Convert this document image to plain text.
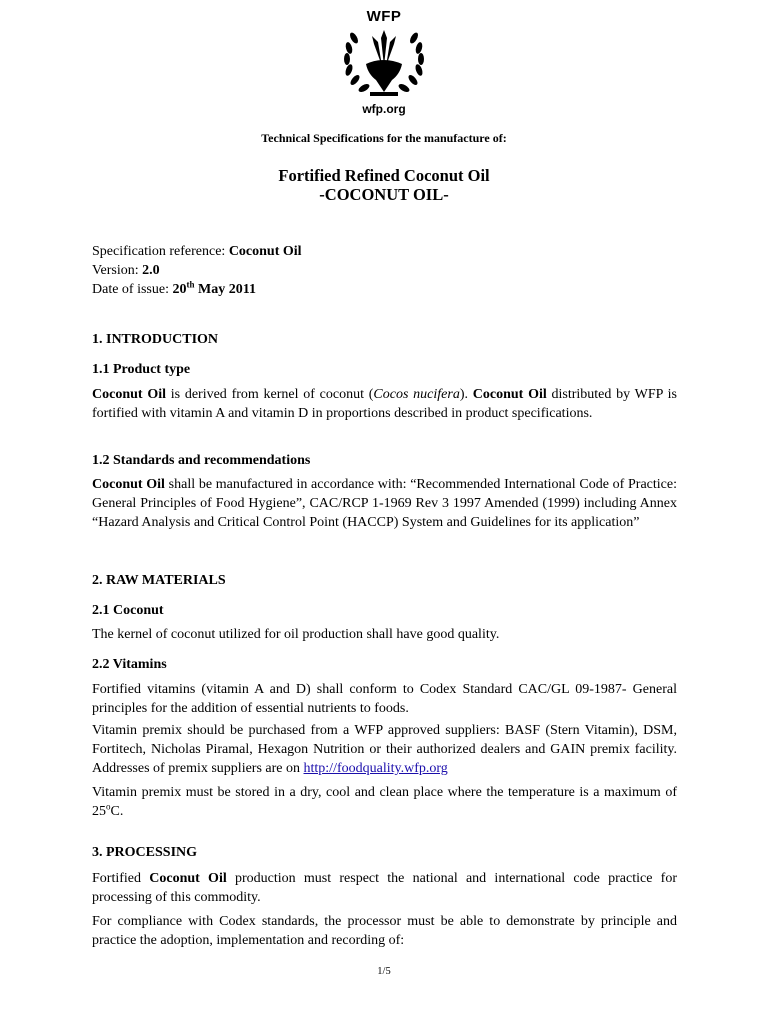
WFP
wfp.org
Technical Specifications for the manufacture of:
Fortified Refined Coconut Oil
-COCONUT OIL-
Specification reference: Coconut Oil
Version: 2.0
Date of issue: 20th May 2011
1. INTRODUCTION
1.1 Product type
Coconut Oil is derived from kernel of coconut (Cocos nucifera). Coconut Oil distributed by WFP is fortified with vitamin A and vitamin D in proportions described in product specifications.
1.2 Standards and recommendations
Coconut Oil shall be manufactured in accordance with: “Recommended International Code of Practice: General Principles of Food Hygiene”, CAC/RCP 1-1969 Rev 3 1997 Amended (1999) including Annex “Hazard Analysis and Critical Control Point (HACCP) System and Guidelines for its application”
2. RAW MATERIALS
2.1 Coconut
The kernel of coconut utilized for oil production shall have good quality.
2.2 Vitamins
Fortified vitamins (vitamin A and D) shall conform to Codex Standard CAC/GL 09-1987- General principles for the addition of essential nutrients to foods.
Vitamin premix should be purchased from a WFP approved suppliers: BASF (Stern Vitamin), DSM, Fortitech, Nicholas Piramal, Hexagon Nutrition or their authorized dealers and GAIN premix facility. Addresses of premix suppliers are on http://foodquality.wfp.org
Vitamin premix must be stored in a dry, cool and clean place where the temperature is a maximum of 25$^o$C.
3. PROCESSING
Fortified Coconut Oil production must respect the national and international code practice for processing of this commodity.
For compliance with Codex standards, the processor must be able to demonstrate by principle and practice the adoption, implementation and recording of:
1/5
